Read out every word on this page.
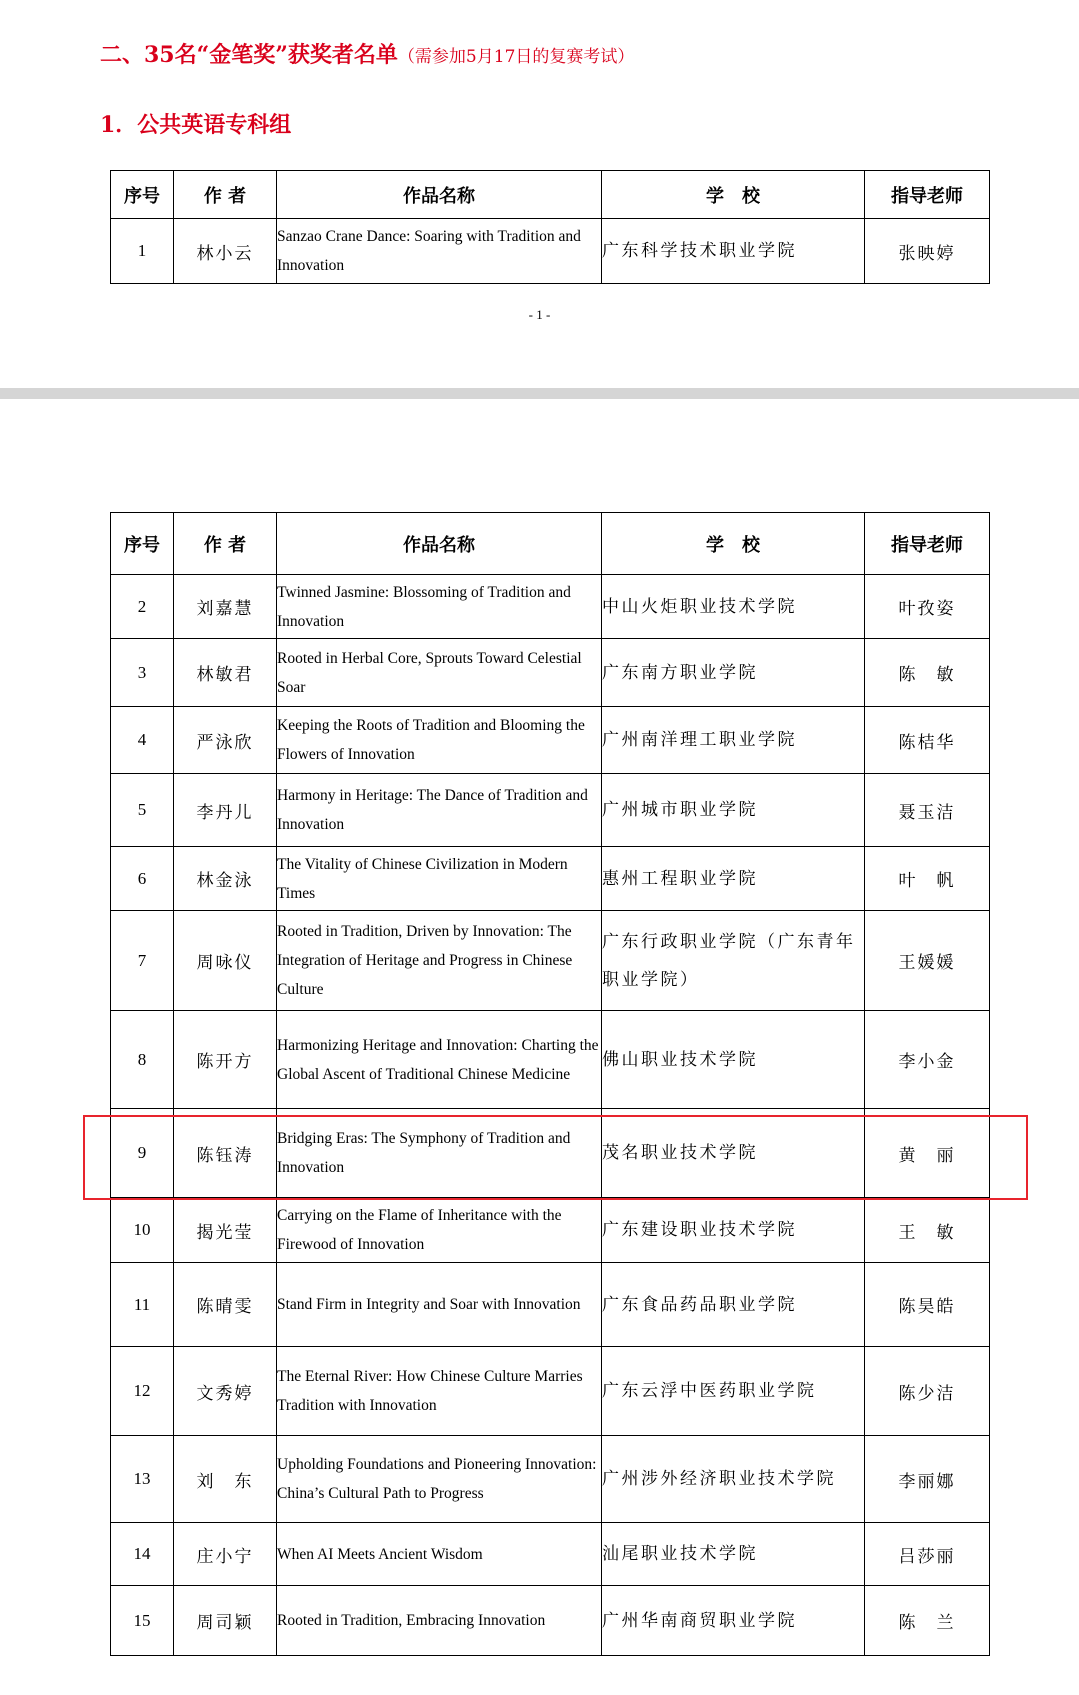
二、35名“金笔奖”获奖者名单（需参加5月17日的复赛考试）
1．公共英语专科组
序号	作 者	作品名称	学　校	指导老师
1	林小云	Sanzao Crane Dance: Soaring with Tradition and Innovation	广东科学技术职业学院	张映婷
- 1 -
序号	作 者	作品名称	学　校	指导老师
2	刘嘉慧	Twinned Jasmine: Blossoming of Tradition and Innovation	中山火炬职业技术学院	叶孜姿
3	林敏君	Rooted in Herbal Core, Sprouts Toward Celestial Soar	广东南方职业学院	陈　敏
4	严泳欣	Keeping the Roots of Tradition and Blooming the Flowers of Innovation	广州南洋理工职业学院	陈桔华
5	李丹儿	Harmony in Heritage: The Dance of Tradition and Innovation	广州城市职业学院	聂玉洁
6	林金泳	The Vitality of Chinese Civilization in Modern Times	惠州工程职业学院	叶　帆
7	周咏仪	Rooted in Tradition, Driven by Innovation: The Integration of Heritage and Progress in Chinese Culture	广东行政职业学院（广东青年职业学院）	王媛媛
8	陈开方	Harmonizing Heritage and Innovation: Charting the Global Ascent of Traditional Chinese Medicine	佛山职业技术学院	李小金
9	陈钰涛	Bridging Eras: The Symphony of Tradition and Innovation	茂名职业技术学院	黄　丽
10	揭光莹	Carrying on the Flame of Inheritance with the Firewood of Innovation	广东建设职业技术学院	王　敏
11	陈晴雯	Stand Firm in Integrity and Soar with Innovation	广东食品药品职业学院	陈昊皓
12	文秀婷	The Eternal River: How Chinese Culture Marries Tradition with Innovation	广东云浮中医药职业学院	陈少洁
13	刘　东	Upholding Foundations and Pioneering Innovation: China’s Cultural Path to Progress	广州涉外经济职业技术学院	李丽娜
14	庄小宁	When AI Meets Ancient Wisdom	汕尾职业技术学院	吕莎丽
15	周司颖	Rooted in Tradition, Embracing Innovation	广州华南商贸职业学院	陈　兰
